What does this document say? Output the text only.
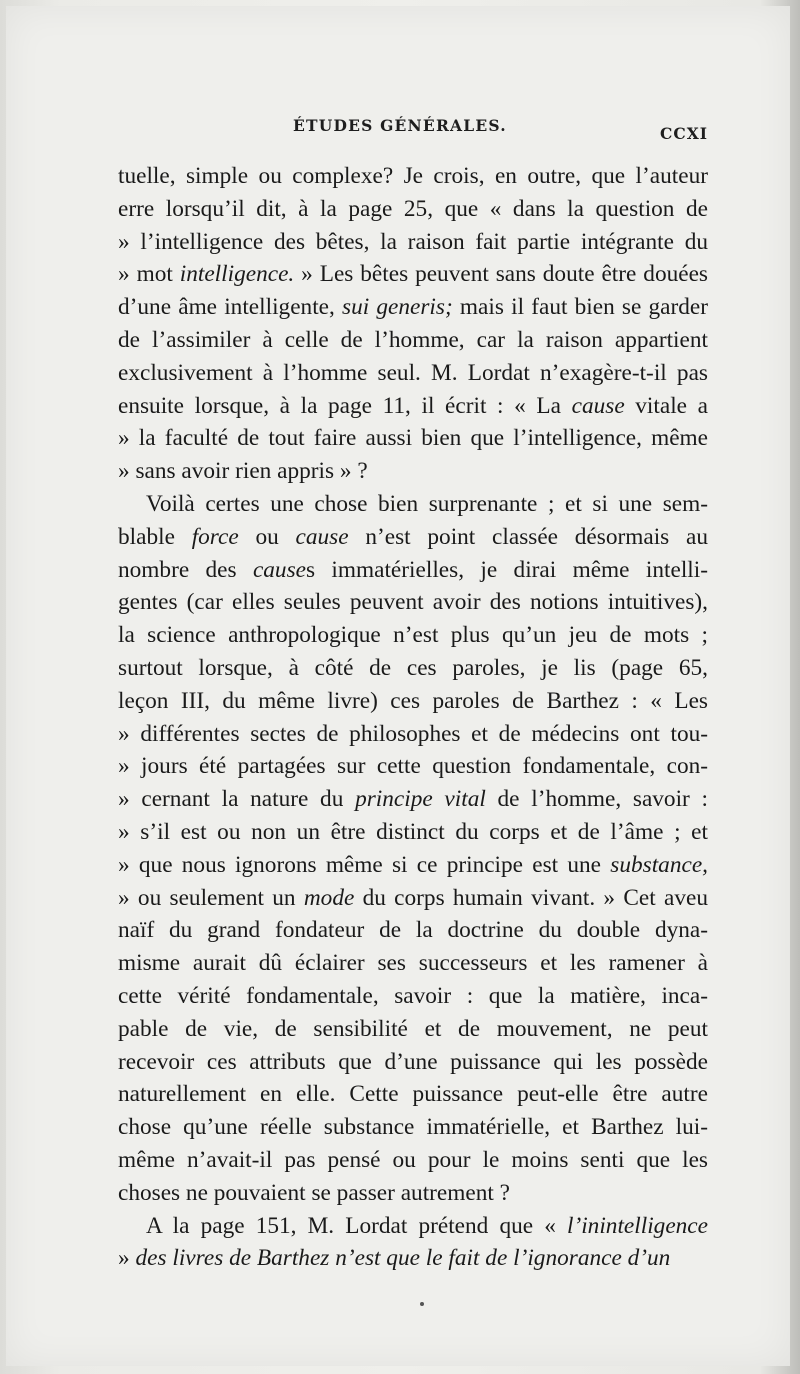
ÉTUDES GÉNÉRALES.	CCXI
tuelle, simple ou complexe? Je crois, en outre, que l’auteur
erre lorsqu’il dit, à la page 25, que « dans la question de
» l’intelligence des bêtes, la raison fait partie intégrante du
» mot intelligence. » Les bêtes peuvent sans doute être douées
d’une âme intelligente, sui generis; mais il faut bien se garder
de l’assimiler à celle de l’homme, car la raison appartient
exclusivement à l’homme seul. M. Lordat n’exagère-t-il pas
ensuite lorsque, à la page 11, il écrit : « La cause vitale a
» la faculté de tout faire aussi bien que l’intelligence, même
» sans avoir rien appris » ?
Voilà certes une chose bien surprenante ; et si une sem-
blable force ou cause n’est point classée désormais au
nombre des causes immatérielles, je dirai même intelli-
gentes (car elles seules peuvent avoir des notions intuitives),
la science anthropologique n’est plus qu’un jeu de mots ;
surtout lorsque, à côté de ces paroles, je lis (page 65,
leçon III, du même livre) ces paroles de Barthez : « Les
» différentes sectes de philosophes et de médecins ont tou-
» jours été partagées sur cette question fondamentale, con-
» cernant la nature du principe vital de l’homme, savoir :
» s’il est ou non un être distinct du corps et de l’âme ; et
» que nous ignorons même si ce principe est une substance,
» ou seulement un mode du corps humain vivant. » Cet aveu
naïf du grand fondateur de la doctrine du double dyna-
misme aurait dû éclairer ses successeurs et les ramener à
cette vérité fondamentale, savoir : que la matière, inca-
pable de vie, de sensibilité et de mouvement, ne peut
recevoir ces attributs que d’une puissance qui les possède
naturellement en elle. Cette puissance peut-elle être autre
chose qu’une réelle substance immatérielle, et Barthez lui-
même n’avait-il pas pensé ou pour le moins senti que les
choses ne pouvaient se passer autrement ?
A la page 151, M. Lordat prétend que « l’inintelligence
» des livres de Barthez n’est que le fait de l’ignorance d’un
